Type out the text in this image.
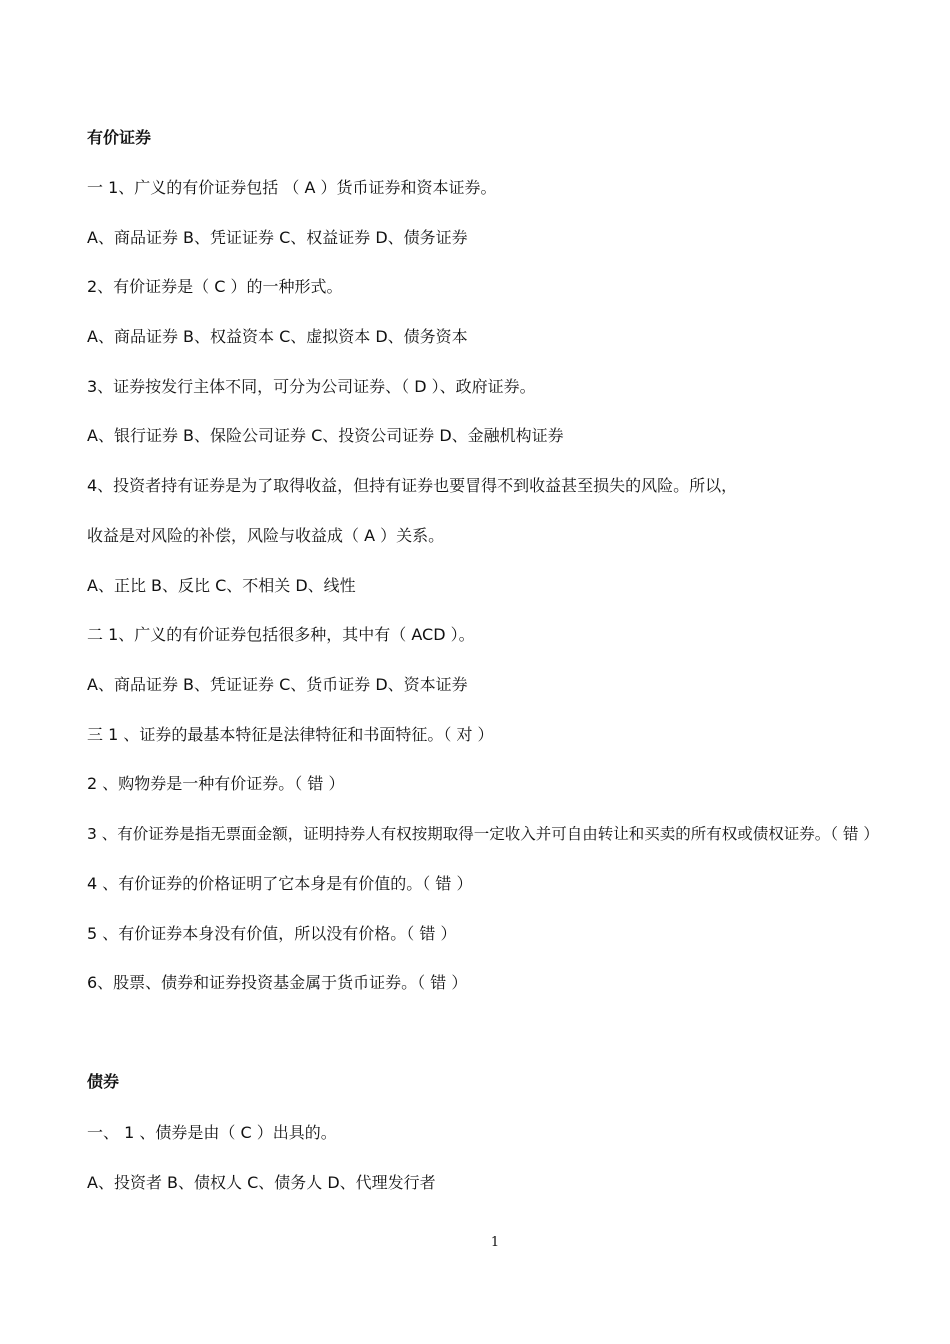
有价证券
一 1、广义的有价证券包括 （ A ）货币证券和资本证券。
A、商品证券 B、凭证证券 C、权益证券 D、债务证券
2、有价证券是（ C ）的一种形式。
A、商品证券 B、权益资本 C、虚拟资本 D、债务资本
3、证券按发行主体不同，可分为公司证券、（ D ）、政府证券。
A、银行证券 B、保险公司证券 C、投资公司证券 D、金融机构证券
4、投资者持有证券是为了取得收益，但持有证券也要冒得不到收益甚至损失的风险。所以，
收益是对风险的补偿，风险与收益成（ A ）关系。
A、正比 B、反比 C、不相关 D、线性
二 1、广义的有价证券包括很多种，其中有（ ACD ）。
A、商品证券 B、凭证证券 C、货币证券 D、资本证券
三 1 、证券的最基本特征是法律特征和书面特征。（ 对 ）
2 、购物券是一种有价证券。（ 错 ）
3 、有价证券是指无票面金额，证明持券人有权按期取得一定收入并可自由转让和买卖的所有权或债权证券。（ 错 ）
4 、有价证券的价格证明了它本身是有价值的。（ 错 ）
5 、有价证券本身没有价值，所以没有价格。（ 错 ）
6、股票、债券和证券投资基金属于货币证券。（ 错 ）
债券
一、 1 、债券是由（ C ）出具的。
A、投资者 B、债权人 C、债务人 D、代理发行者
1
